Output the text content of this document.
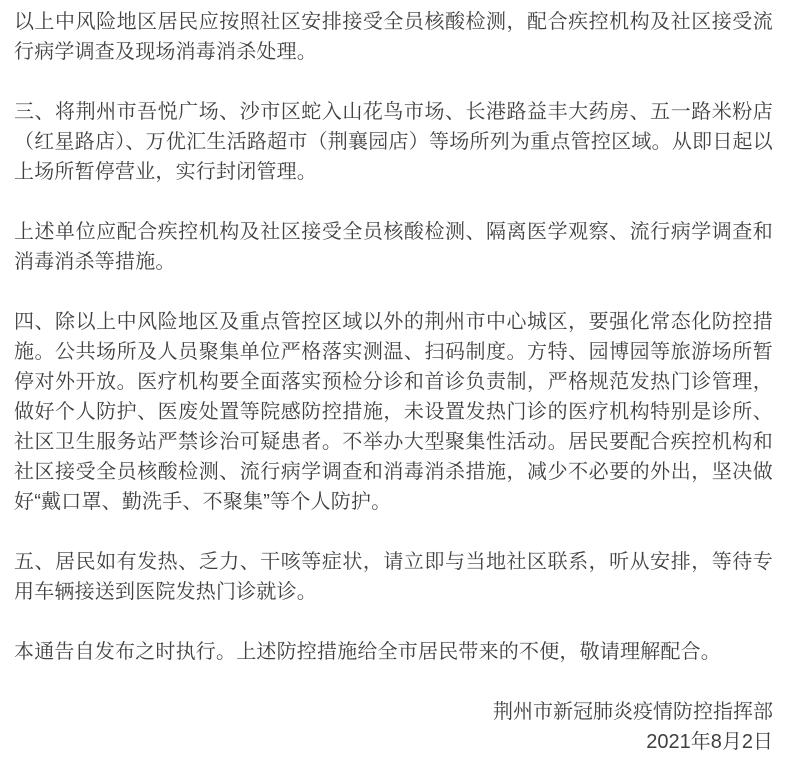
以上中风险地区居民应按照社区安排接受全员核酸检测，配合疾控机构及社区接受流行病学调查及现场消毒消杀处理。

三、将荆州市吾悦广场、沙市区蛇入山花鸟市场、长港路益丰大药房、五一路米粉店（红星路店）、万优汇生活路超市（荆襄园店）等场所列为重点管控区域。从即日起以上场所暂停营业，实行封闭管理。

上述单位应配合疾控机构及社区接受全员核酸检测、隔离医学观察、流行病学调查和消毒消杀等措施。

四、除以上中风险地区及重点管控区域以外的荆州市中心城区，要强化常态化防控措施。公共场所及人员聚集单位严格落实测温、扫码制度。方特、园博园等旅游场所暂停对外开放。医疗机构要全面落实预检分诊和首诊负责制，严格规范发热门诊管理，做好个人防护、医废处置等院感防控措施，未设置发热门诊的医疗机构特别是诊所、社区卫生服务站严禁诊治可疑患者。不举办大型聚集性活动。居民要配合疾控机构和社区接受全员核酸检测、流行病学调查和消毒消杀措施，减少不必要的外出，坚决做好“戴口罩、勤洗手、不聚集”等个人防护。

五、居民如有发热、乏力、干咳等症状，请立即与当地社区联系，听从安排，等待专用车辆接送到医院发热门诊就诊。

本通告自发布之时执行。上述防控措施给全市居民带来的不便，敬请理解配合。

荆州市新冠肺炎疫情防控指挥部

2021年8月2日
